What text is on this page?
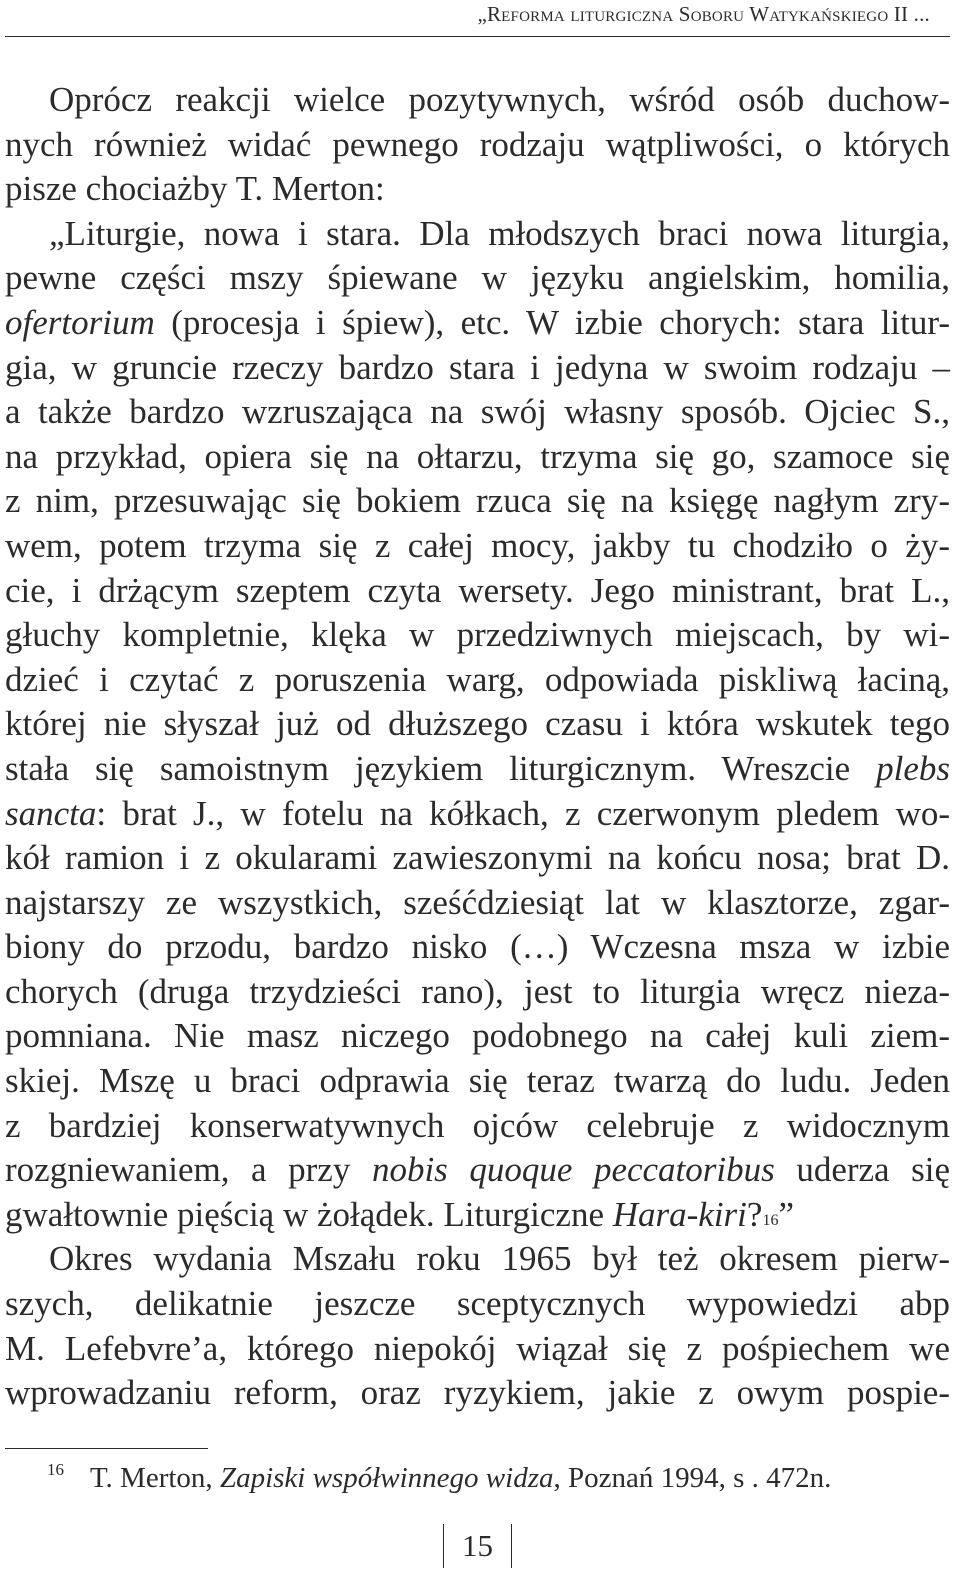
„Reforma liturgiczna Soboru Watykańskiego II ...
Oprócz reakcji wielce pozytywnych, wśród osób duchow-
nych również widać pewnego rodzaju wątpliwości, o których
pisze chociażby T. Merton:
„Liturgie, nowa i stara. Dla młodszych braci nowa liturgia,
pewne części mszy śpiewane w języku angielskim, homilia,
ofertorium (procesja i śpiew), etc. W izbie chorych: stara litur-
gia, w gruncie rzeczy bardzo stara i jedyna w swoim rodzaju –
a także bardzo wzruszająca na swój własny sposób. Ojciec S.,
na przykład, opiera się na ołtarzu, trzyma się go, szamoce się
z nim, przesuwając się bokiem rzuca się na księgę nagłym zry-
wem, potem trzyma się z całej mocy, jakby tu chodziło o ży-
cie, i drżącym szeptem czyta wersety. Jego ministrant, brat L.,
głuchy kompletnie, klęka w przedziwnych miejscach, by wi-
dzieć i czytać z poruszenia warg, odpowiada piskliwą łaciną,
której nie słyszał już od dłuższego czasu i która wskutek tego
stała się samoistnym językiem liturgicznym. Wreszcie plebs
sancta: brat J., w fotelu na kółkach, z czerwonym pledem wo-
kół ramion i z okularami zawieszonymi na końcu nosa; brat D.
najstarszy ze wszystkich, sześćdziesiąt lat w klasztorze, zgar-
biony do przodu, bardzo nisko (…) Wczesna msza w izbie
chorych (druga trzydzieści rano), jest to liturgia wręcz nieza-
pomniana. Nie masz niczego podobnego na całej kuli ziem-
skiej. Mszę u braci odprawia się teraz twarzą do ludu. Jeden
z bardziej konserwatywnych ojców celebruje z widocznym
rozgniewaniem, a przy nobis quoque peccatoribus uderza się
gwałtownie pięścią w żołądek. Liturgiczne Hara-kiri?$^{16}$”
Okres wydania Mszału roku 1965 był też okresem pierw-
szych, delikatnie jeszcze sceptycznych wypowiedzi abp
M. Lefebvre’a, którego niepokój wiązał się z pośpiechem we
wprowadzaniu reform, oraz ryzykiem, jakie z owym pospie-
$^{16}$ T. Merton, Zapiski współwinnego widza, Poznań 1994, s . 472n.
15
